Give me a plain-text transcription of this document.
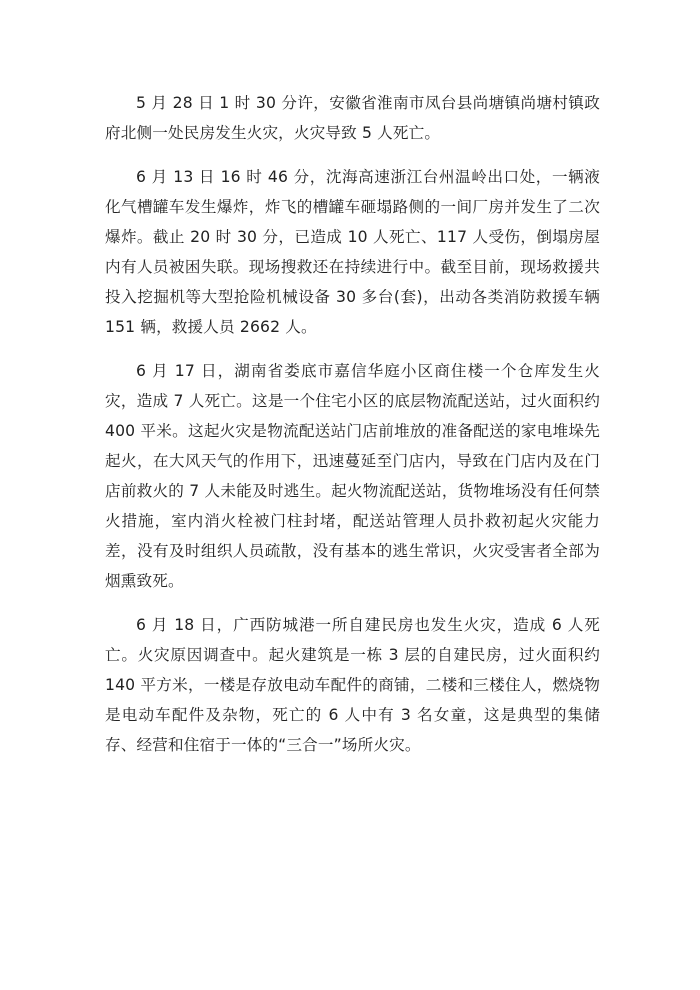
5 月 28 日 1 时 30 分许，安徽省淮南市凤台县尚塘镇尚塘村镇政府北侧一处民房发生火灾，火灾导致 5 人死亡。

6 月 13 日 16 时 46 分，沈海高速浙江台州温岭出口处，一辆液化气槽罐车发生爆炸，炸飞的槽罐车砸塌路侧的一间厂房并发生了二次爆炸。截止 20 时 30 分，已造成 10 人死亡、117 人受伤，倒塌房屋内有人员被困失联。现场搜救还在持续进行中。截至目前，现场救援共投入挖掘机等大型抢险机械设备 30 多台(套)，出动各类消防救援车辆 151 辆，救援人员 2662 人。

6 月 17 日，湖南省娄底市嘉信华庭小区商住楼一个仓库发生火灾，造成 7 人死亡。这是一个住宅小区的底层物流配送站，过火面积约 400 平米。这起火灾是物流配送站门店前堆放的准备配送的家电堆垛先起火，在大风天气的作用下，迅速蔓延至门店内，导致在门店内及在门店前救火的 7 人未能及时逃生。起火物流配送站，货物堆场没有任何禁火措施，室内消火栓被门柱封堵，配送站管理人员扑救初起火灾能力差，没有及时组织人员疏散，没有基本的逃生常识，火灾受害者全部为烟熏致死。

6 月 18 日，广西防城港一所自建民房也发生火灾，造成 6 人死亡。火灾原因调查中。起火建筑是一栋 3 层的自建民房，过火面积约 140 平方米，一楼是存放电动车配件的商铺，二楼和三楼住人，燃烧物是电动车配件及杂物，死亡的 6 人中有 3 名女童，这是典型的集储存、经营和住宿于一体的“三合一”场所火灾。
